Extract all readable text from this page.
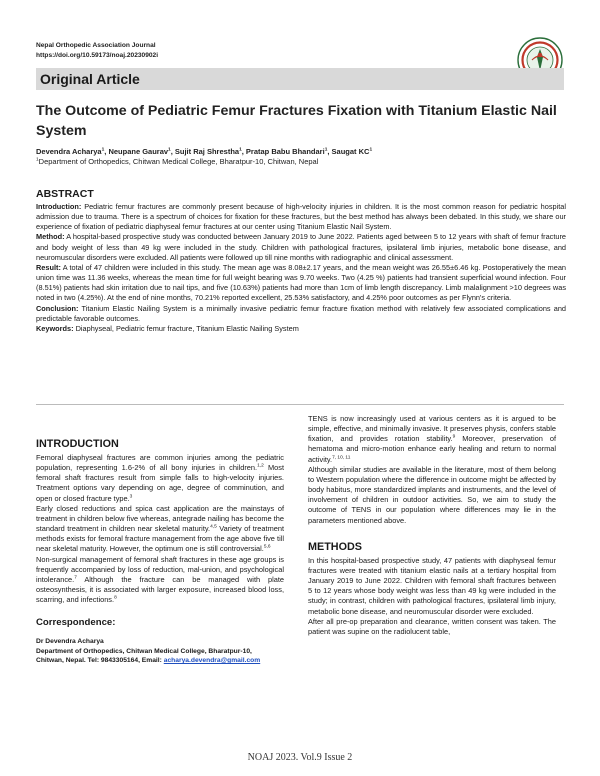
Nepal Orthopedic Association Journal
https://doi.org/10.59173/noaj.20230902i
Original Article
The Outcome of Pediatric Femur Fractures Fixation with Titanium Elastic Nail System
Devendra Acharya$^1$, Neupane Gaurav$^1$, Sujit Raj Shrestha$^1$, Pratap Babu Bhandari$^1$, Saugat $KC^1$
$^1$Department of Orthopedics, Chitwan Medical College, Bharatpur-10, Chitwan, Nepal
ABSTRACT

Introduction: Pediatric femur fractures are commonly present because of high-velocity injuries in children. It is the most common reason for pediatric hospital admission due to trauma. There is a spectrum of choices for fixation for these fractures, but the best method has always been debated. In this study, we share our experience of fixation of pediatric diaphyseal femur fractures at our center using Titanium Elastic Nail System.

Method: A hospital-based prospective study was conducted between January 2019 to June 2022. Patients aged between 5 to 12 years with shaft of femur fracture and body weight of less than 49 kg were included in the study. Children with pathological fractures, ipsilateral limb injuries, metabolic bone disease, and neuromuscular disorders were excluded. All patients were followed up till nine months with radiographic and clinical assessment.

Result: A total of 47 children were included in this study. The mean age was 8.08±2.17 years, and the mean weight was 26.55±6.46 kg. Postoperatively the mean union time was 11.36 weeks, whereas the mean time for full weight bearing was 9.70 weeks. Two (4.25 %) patients had transient superficial wound infection. Four (8.51%) patients had skin irritation due to nail tips, and five (10.63%) patients had more than 1cm of limb length discrepancy. Limb malalignment >10 degrees was noted in two (4.25%). At the end of nine months, 70.21% reported excellent, 25.53% satisfactory, and 4.25% poor outcomes as per Flynn's criteria.

Conclusion: Titanium Elastic Nailing System is a minimally invasive pediatric femur fracture fixation method with relatively few associated complications and predictable favorable outcomes.

Keywords: Diaphyseal, Pediatric femur fracture, Titanium Elastic Nailing System

INTRODUCTION

Femoral diaphyseal fractures are common injuries among the pediatric population, representing 1.6-2% of all bony injuries in children.$^{1,2}$ Most femoral shaft fractures result from simple falls to high-velocity injuries. Treatment options vary depending on age, degree of comminution, and open or closed fracture type.$^3$

Early closed reductions and spica cast application are the mainstays of treatment in children below five whereas, antegrade nailing has become the standard treatment in children near skeletal maturity.$^{4,5}$ Variety of treatment methods exists for femoral fracture management from the age above five till near skeletal maturity. However, the optimum one is still controversial.$^{5,6}$

Non-surgical management of femoral shaft fractures in these age groups is frequently accompanied by loss of reduction, mal-union, and psychological intolerance.$^7$ Although the fracture can be managed with plate osteosynthesis, it is associated with larger exposure, increased blood loss, scarring, and infections.$^8$

Correspondence:
Dr Devendra Acharya
Department of Orthopedics, Chitwan Medical College, Bharatpur-10,
Chitwan, Nepal. Tel: 9843305164, Email: acharya.devendra@gmail.com

TENS is now increasingly used at various centers as it is argued to be simple, effective, and minimally invasive. It preserves physis, confers stable fixation, and provides rotation stability.$^9$ Moreover, preservation of hematoma and micro-motion enhance early healing and return to normal activity.$^{7, 10, 11}$

Although similar studies are available in the literature, most of them belong to Western population where the difference in outcome might be affected by body habitus, more standardized implants and instruments, and the level of involvement of children in outdoor activities. So, we aim to study the outcome of TENS in our population where differences may lie in the parameters mentioned above.

METHODS

In this hospital-based prospective study, 47 patients with diaphyseal femur fractures were treated with titanium elastic nails at a tertiary hospital from January 2019 to June 2022. Children with femoral shaft fractures between 5 to 12 years whose body weight was less than 49 kg were included in the study; in contrast, children with pathological fractures, ipsilateral limb injury, metabolic bone disease, and neuromuscular disorder were excluded.

After all pre-op preparation and clearance, written consent was taken. The patient was supine on the radiolucent table,

NOAJ 2023. Vol.9 Issue 2
